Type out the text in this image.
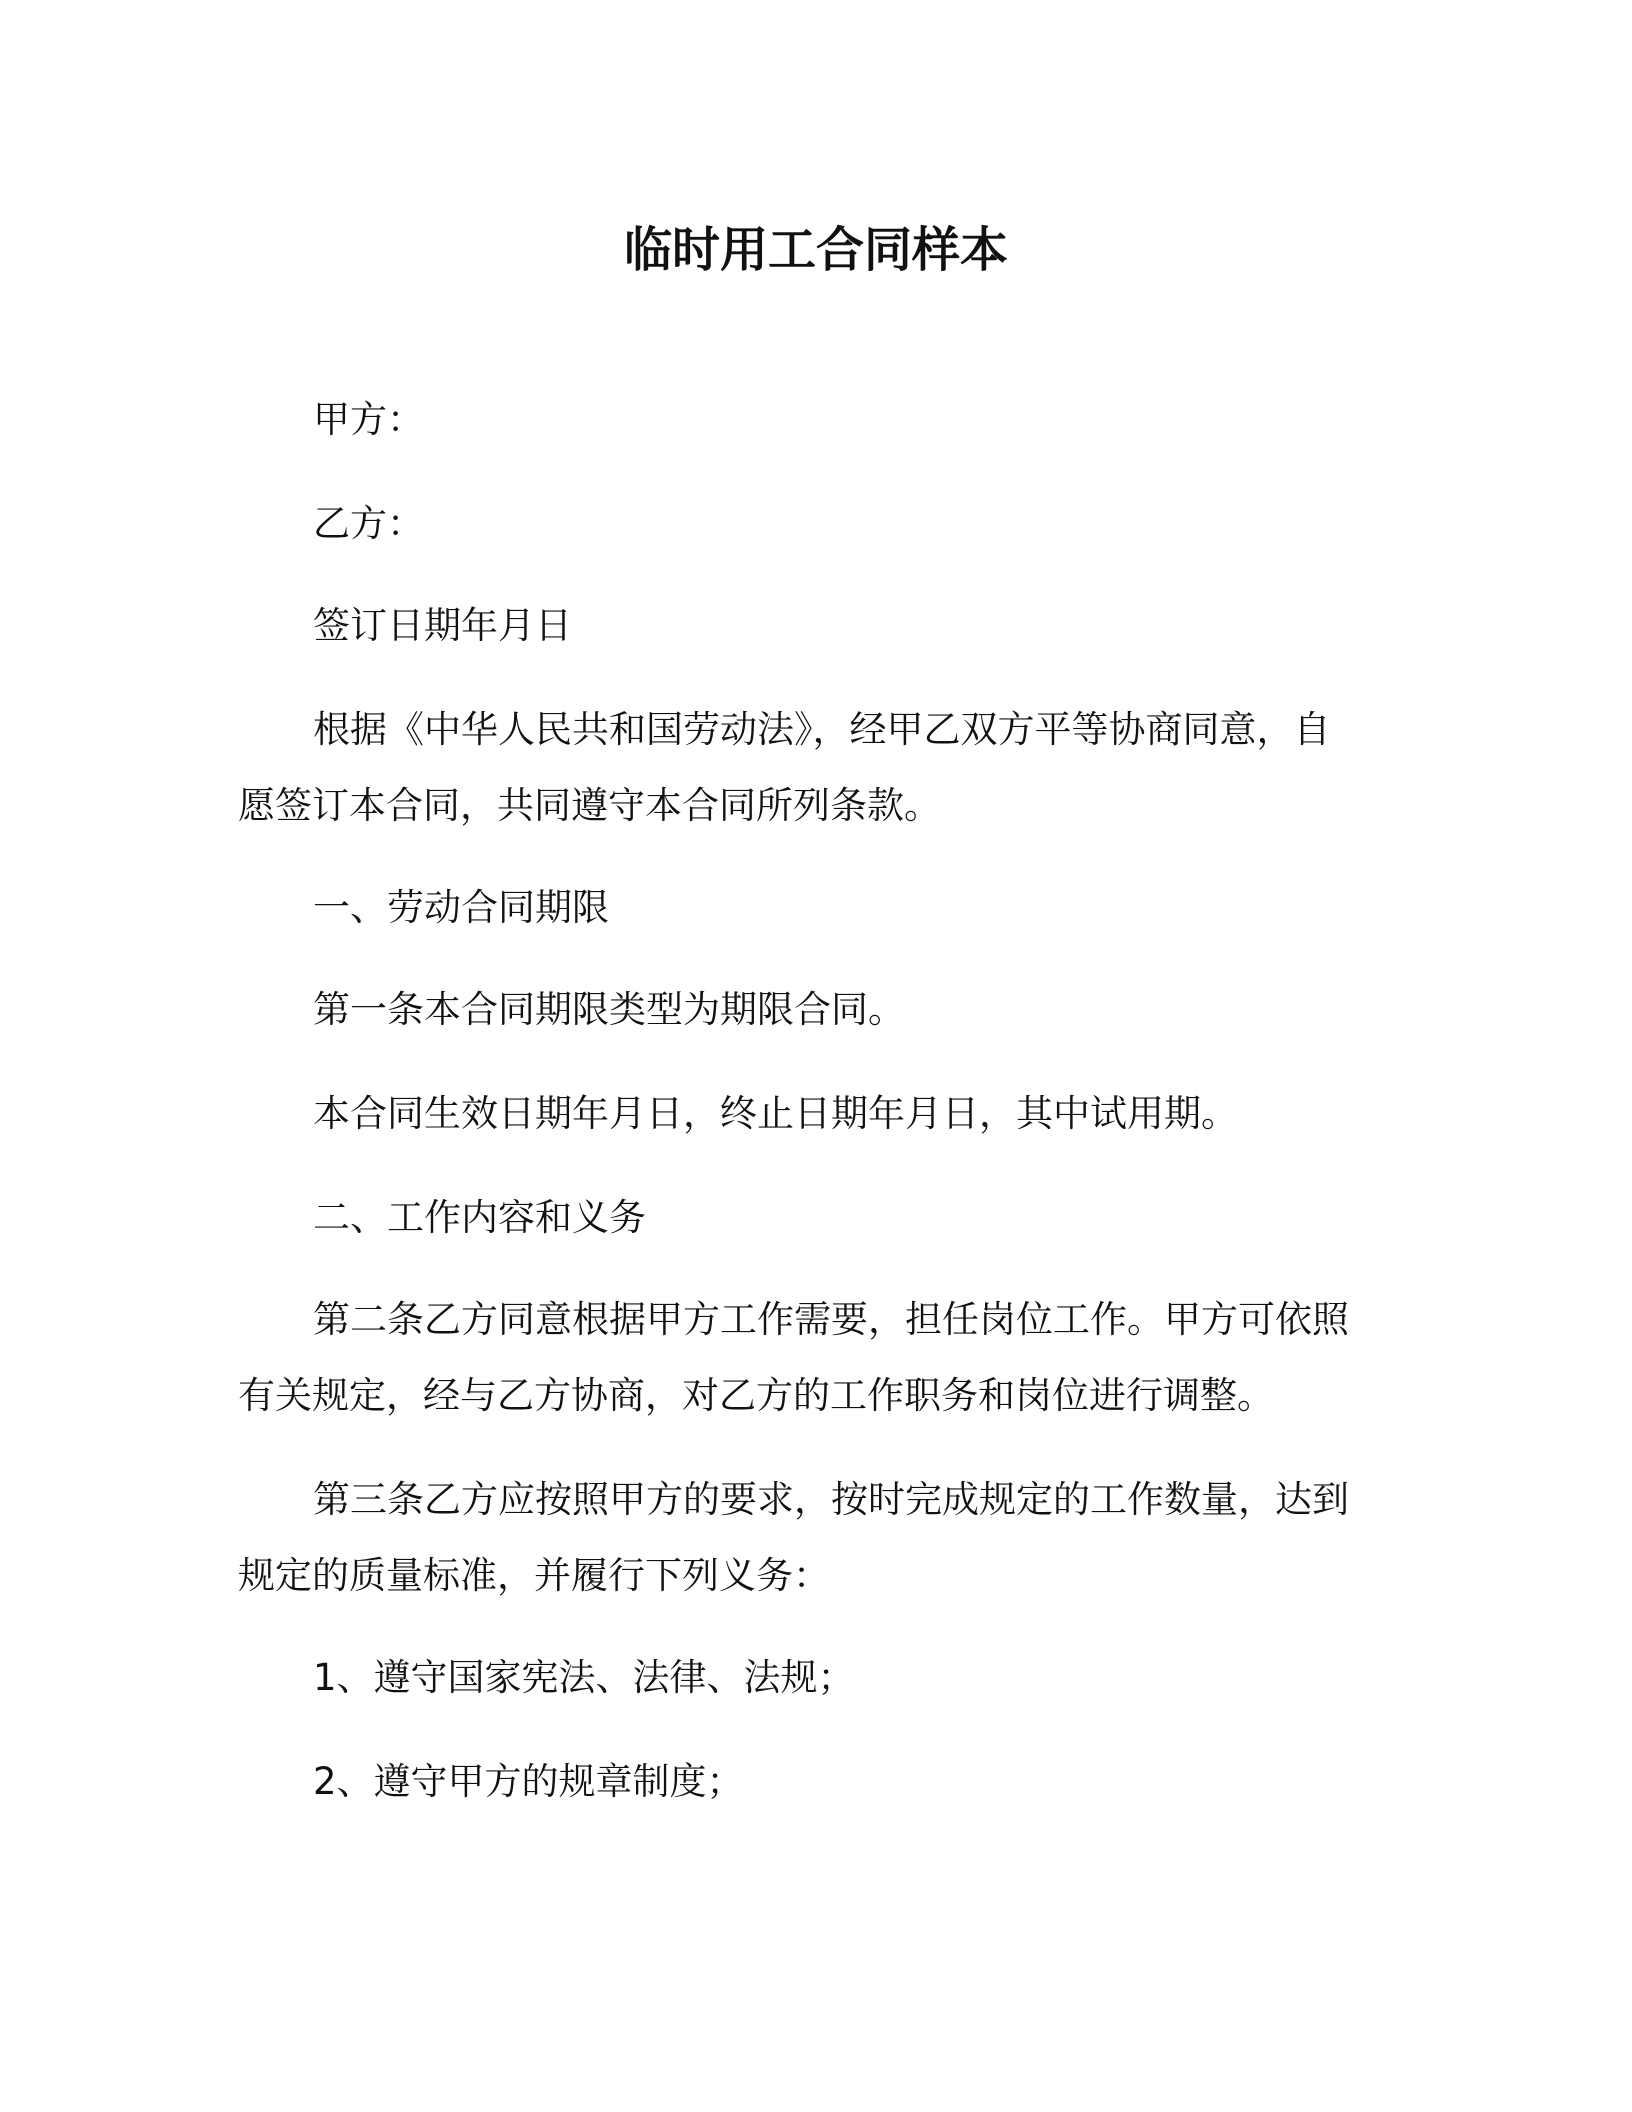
临时用工合同样本
甲方：
乙方：
签订日期年月日
根据《中华人民共和国劳动法》，经甲乙双方平等协商同意，自
愿签订本合同，共同遵守本合同所列条款。
一、劳动合同期限
第一条本合同期限类型为期限合同。
本合同生效日期年月日，终止日期年月日，其中试用期。
二、工作内容和义务
第二条乙方同意根据甲方工作需要，担任岗位工作。甲方可依照
有关规定，经与乙方协商，对乙方的工作职务和岗位进行调整。
第三条乙方应按照甲方的要求，按时完成规定的工作数量，达到
规定的质量标准，并履行下列义务：
1、遵守国家宪法、法律、法规；
2、遵守甲方的规章制度；
